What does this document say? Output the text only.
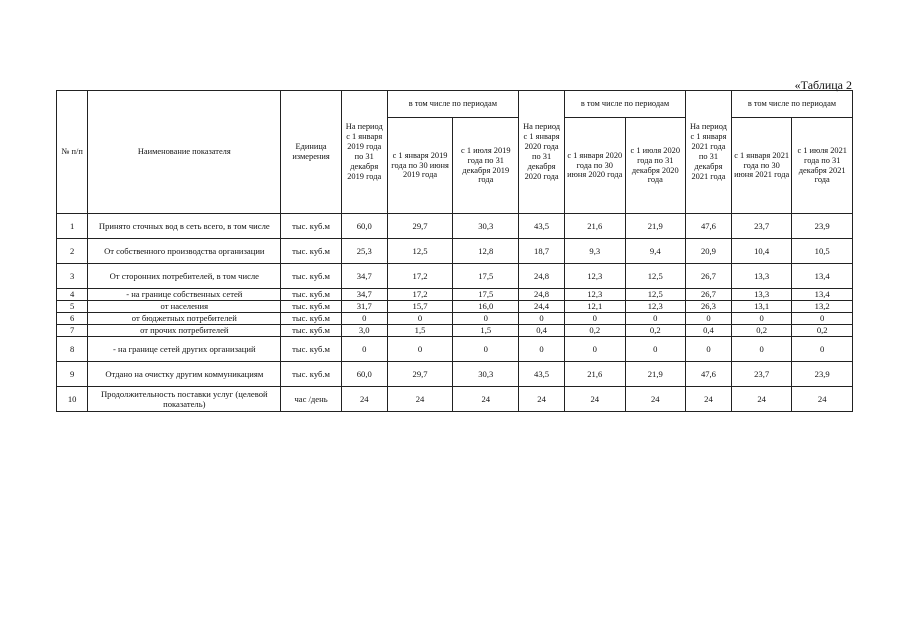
«Таблица 2
№ п/п	Наименование показателя	Единица измерения	На период с 1 января 2019 года по 31 декабря 2019 года	в том числе по периодам		На период с 1 января 2020 года по 31 декабря 2020 года	в том числе по периодам		На период с 1 января 2021 года по 31 декабря 2021 года	в том числе по периодам	
				с 1 января 2019 года по 30 июня 2019 года	с 1 июля 2019 года по 31 декабря 2019 года		с 1 января 2020 года по 30 июня 2020 года	с 1 июля 2020 года по 31 декабря 2020 года		с 1 января 2021 года по 30 июня 2021 года	с 1 июля 2021 года по 31 декабря 2021 года
1	Принято сточных вод в сеть всего, в том числе	тыс. куб.м	60,0	29,7	30,3	43,5	21,6	21,9	47,6	23,7	23,9
2	От собственного производства организации	тыс. куб.м	25,3	12,5	12,8	18,7	9,3	9,4	20,9	10,4	10,5
3	От сторонних потребителей, в том числе	тыс. куб.м	34,7	17,2	17,5	24,8	12,3	12,5	26,7	13,3	13,4
4	- на границе собственных сетей	тыс. куб.м	34,7	17,2	17,5	24,8	12,3	12,5	26,7	13,3	13,4
5	от населения	тыс. куб.м	31,7	15,7	16,0	24,4	12,1	12,3	26,3	13,1	13,2
6	от бюджетных потребителей	тыс. куб.м	0	0	0	0	0	0	0	0	0
7	от прочих потребителей	тыс. куб.м	3,0	1,5	1,5	0,4	0,2	0,2	0,4	0,2	0,2
8	- на границе сетей других организаций	тыс. куб.м	0	0	0	0	0	0	0	0	0
9	Отдано на очистку другим коммуникациям	тыс. куб.м	60,0	29,7	30,3	43,5	21,6	21,9	47,6	23,7	23,9
10	Продолжительность поставки услуг (целевой показатель)	час /день	24	24	24	24	24	24	24	24	24
